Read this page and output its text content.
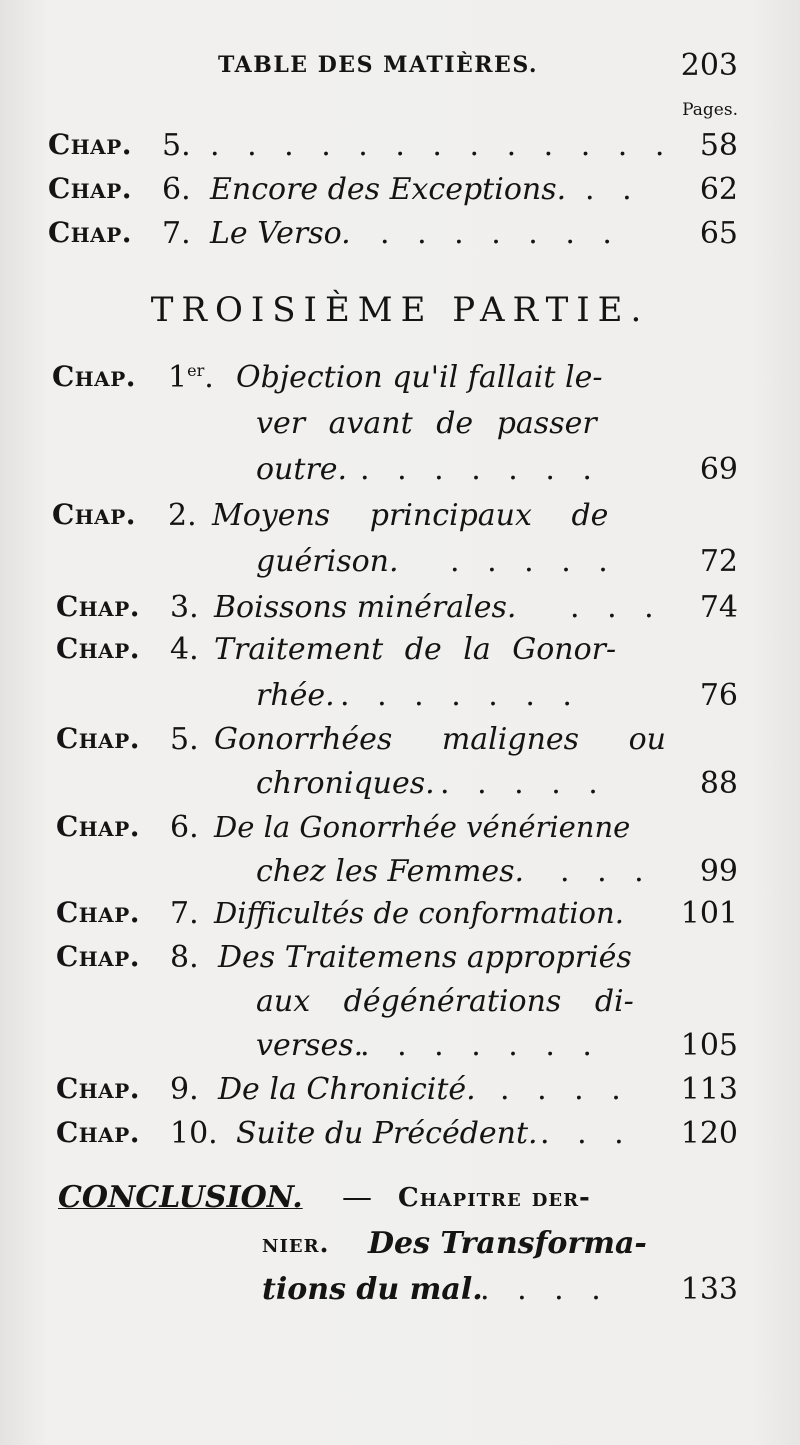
TABLE DES MATIÈRES.	203
Pages.
Chap. 5. . . . . . . . . . . . . . 58
Chap. 6. Encore des Exceptions. . . 62
Chap. 7. Le Verso. . . . . . . .	65
TROISIÈME PARTIE.
Chap. 1er. Objection qu'il fallait le-
ver avant de passer
outre. . . . . . . .	69
Chap. 2. Moyens principaux de
guérison. . . . . .	72
Chap. 3. Boissons minérales. . . . 74
Chap. 4. Traitement de la Gonor-
rhée. . . . . . . .	76
Chap. 5. Gonorrhées malignes ou
chroniques. . . . . .	88
Chap. 6. De la Gonorrhée vénérienne
chez les Femmes. . . . 99
Chap. 7. Difficultés de conformation. 101
Chap. 8. Des Traitemens appropriés
aux dégénérations di-
verses.
. . . . . . .	105
Chap. 9. De la Chronicité. . . . . 113
Chap. 10. Suite du Précédent. . . . 120
CONCLUSION. — Chapitre der-
nier. Des Transforma-
tions du mal.
. . . . 133
